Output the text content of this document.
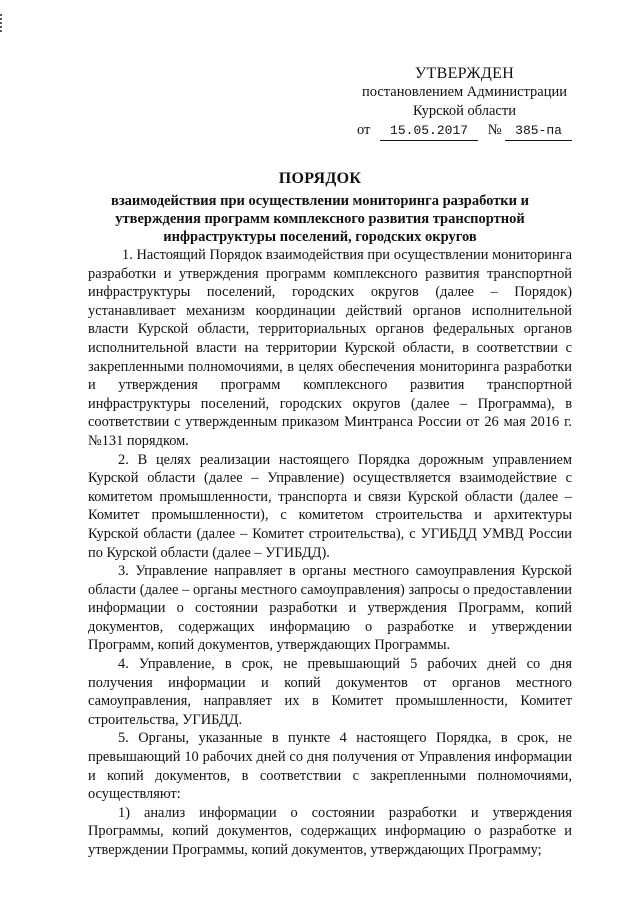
УТВЕРЖДЕН
постановлением Администрации
Курской области
от	15.05.2017	№ 385-па
ПОРЯДОК
взаимодействия при осуществлении мониторинга разработки и
утверждения программ комплексного развития транспортной
инфраструктуры поселений, городских округов

1. Настоящий Порядок взаимодействия при осуществлении мониторинга разработки и утверждения программ комплексного развития транспортной инфраструктуры поселений, городских округов (далее – Порядок) устанавливает механизм координации действий органов исполнительной власти Курской области, территориальных органов федеральных органов исполнительной власти на территории Курской области, в соответствии с закрепленными полномочиями, в целях обеспечения мониторинга разработки и утверждения программ комплексного развития транспортной инфраструктуры поселений, городских округов (далее – Программа), в соответствии с утвержденным приказом Минтранса России от 26 мая 2016 г. №131 порядком.

2. В целях реализации настоящего Порядка дорожным управлением Курской области (далее – Управление) осуществляется взаимодействие с комитетом промышленности, транспорта и связи Курской области (далее – Комитет промышленности), с комитетом строительства и архитектуры Курской области (далее – Комитет строительства), с УГИБДД УМВД России по Курской области (далее – УГИБДД).

3. Управление направляет в органы местного самоуправления Курской области (далее – органы местного самоуправления) запросы о предоставлении информации о состоянии разработки и утверждения Программ, копий документов, содержащих информацию о разработке и утверждении Программ, копий документов, утверждающих Программы.

4. Управление, в срок, не превышающий 5 рабочих дней со дня получения информации и копий документов от органов местного самоуправления, направляет их в Комитет промышленности, Комитет строительства, УГИБДД.

5. Органы, указанные в пункте 4 настоящего Порядка, в срок, не превышающий 10 рабочих дней со дня получения от Управления информации и копий документов, в соответствии с закрепленными полномочиями, осуществляют:

1) анализ информации о состоянии разработки и утверждения Программы, копий документов, содержащих информацию о разработке и утверждении Программы, копий документов, утверждающих Программу;
